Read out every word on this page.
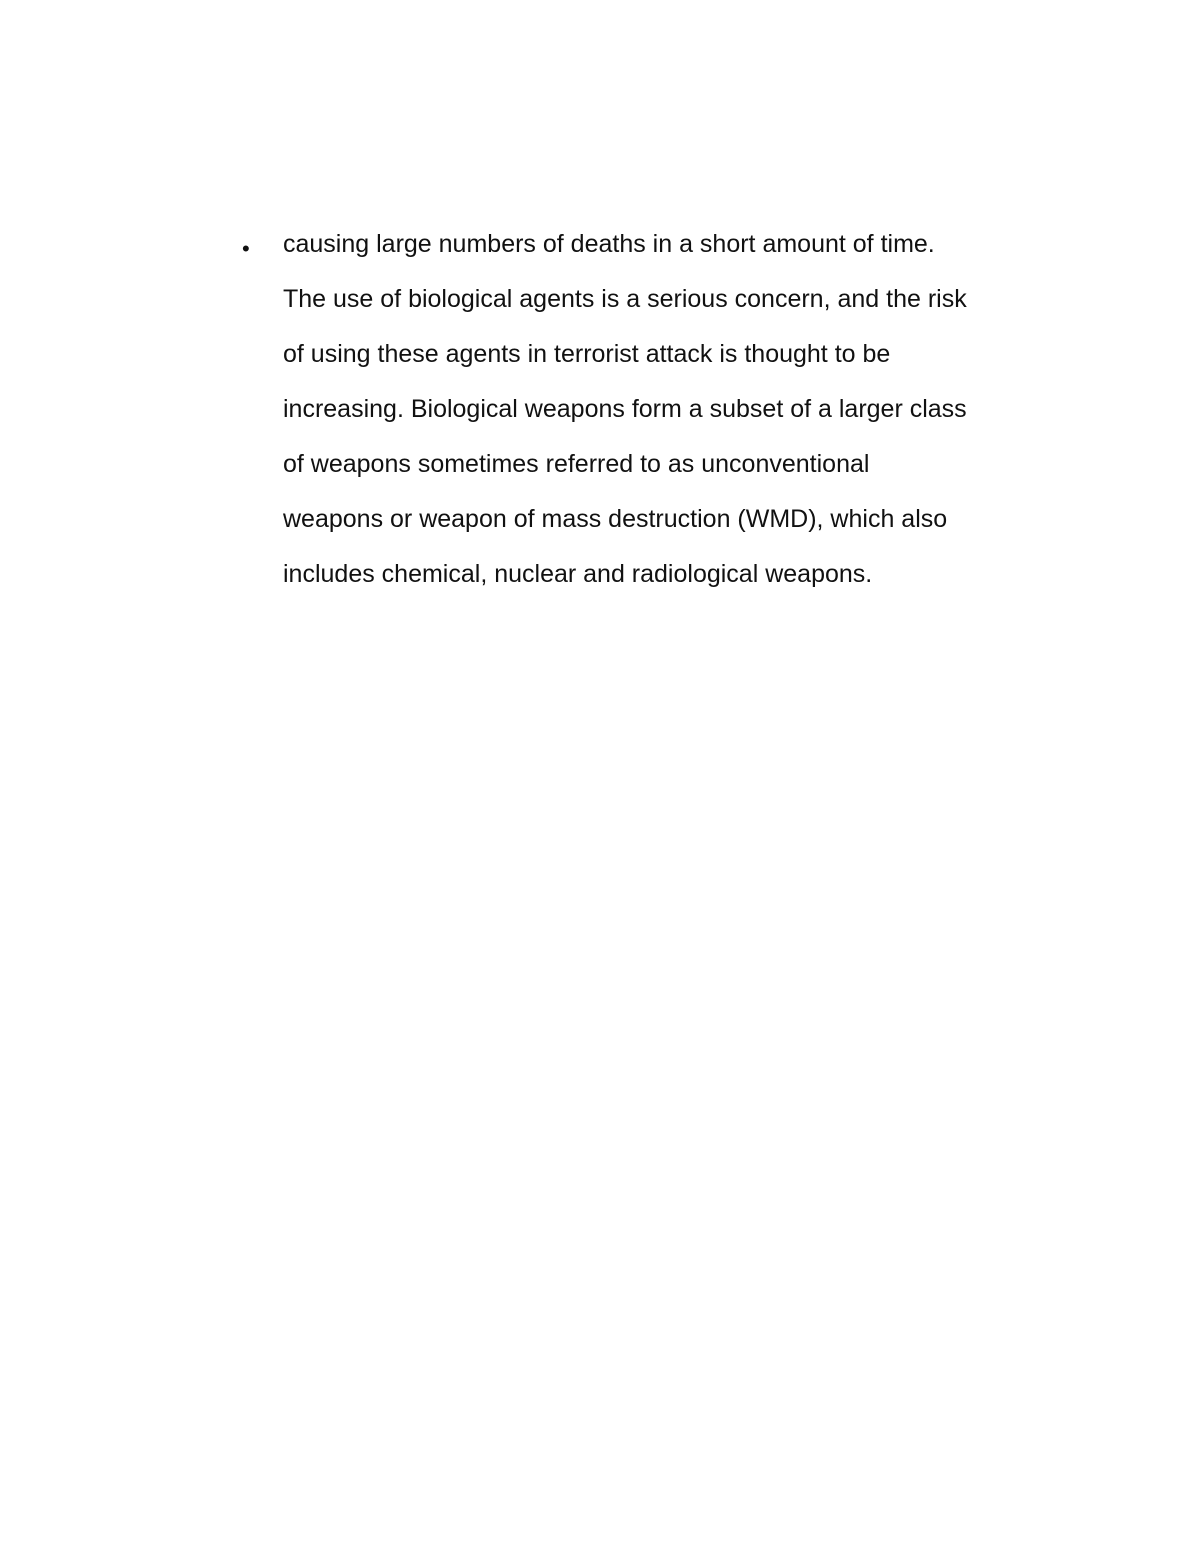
• causing large numbers of deaths in a short amount of time.
The use of biological agents is a serious concern, and the risk
of using these agents in terrorist attack is thought to be
increasing. Biological weapons form a subset of a larger class
of weapons sometimes referred to as unconventional
weapons or weapon of mass destruction (WMD), which also
includes chemical, nuclear and radiological weapons.
